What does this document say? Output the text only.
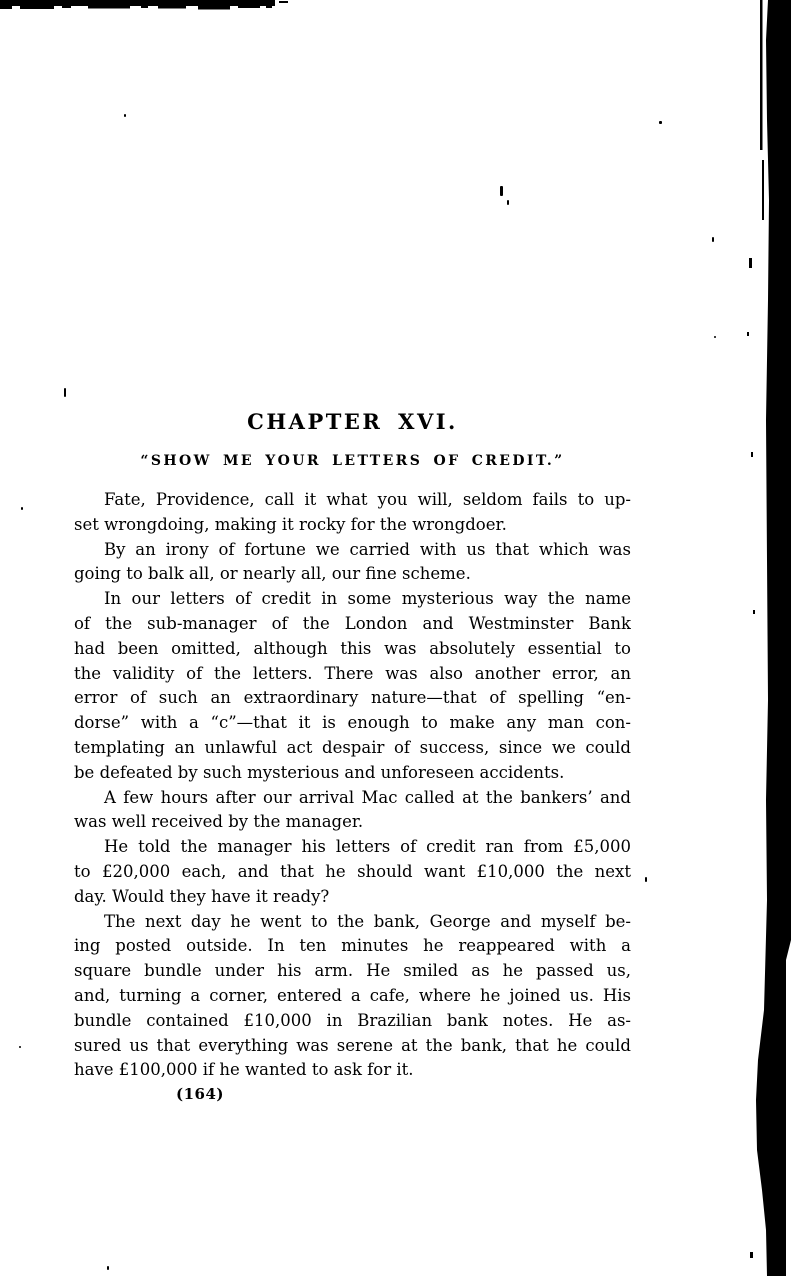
CHAPTER XVI.
“SHOW ME YOUR LETTERS OF CREDIT.”
Fate, Providence, call it what you will, seldom fails to up-
set wrongdoing, making it rocky for the wrongdoer.
By an irony of fortune we carried with us that which was
going to balk all, or nearly all, our fine scheme.
In our letters of credit in some mysterious way the name
of the sub-manager of the London and Westminster Bank
had been omitted, although this was absolutely essential to
the validity of the letters. There was also another error, an
error of such an extraordinary nature—that of spelling “en-
dorse” with a “c”—that it is enough to make any man con-
templating an unlawful act despair of success, since we could
be defeated by such mysterious and unforeseen accidents.
A few hours after our arrival Mac called at the bankers’ and
was well received by the manager.
He told the manager his letters of credit ran from £5,000
to £20,000 each, and that he should want £10,000 the next
day. Would they have it ready?
The next day he went to the bank, George and myself be-
ing posted outside. In ten minutes he reappeared with a
square bundle under his arm. He smiled as he passed us,
and, turning a corner, entered a cafe, where he joined us. His
bundle contained £10,000 in Brazilian bank notes. He as-
sured us that everything was serene at the bank, that he could
have £100,000 if he wanted to ask for it.
(164)
